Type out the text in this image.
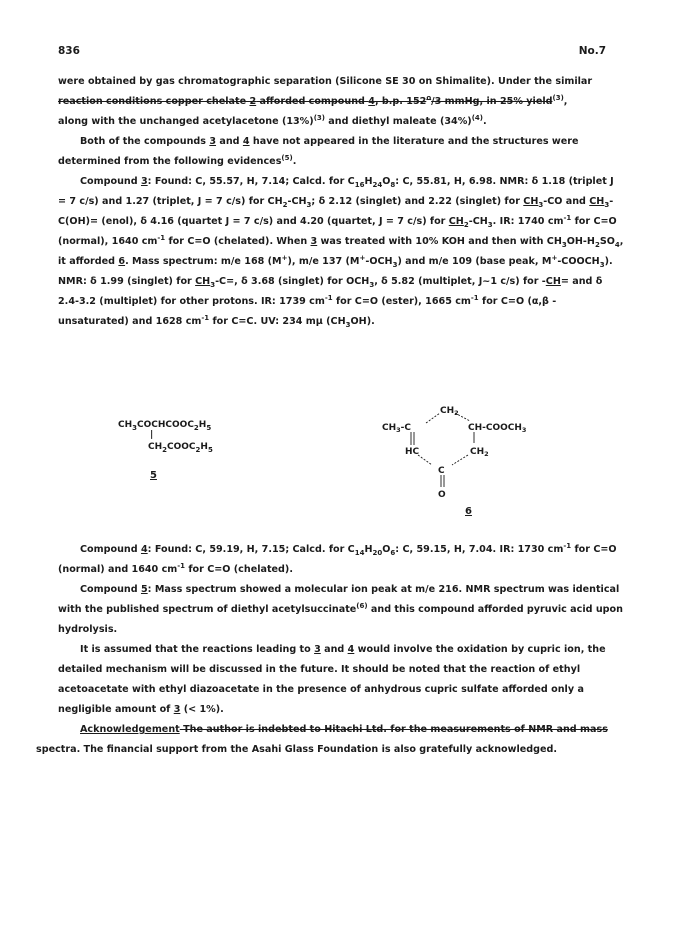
836	No.7

were obtained by gas chromatographic separation (Silicone SE 30 on Shimalite). Under the similar
reaction conditions copper chelate 2 afforded compound 4, b.p. 152$^o$/3 mmHg, in 25% yield$^{(3)}$,
along with the unchanged acetylacetone $(13\%)^{(3)}$ and diethyl maleate $(34\%)^{(4)}$.

Both of the compounds 3 and 4 have not appeared in the literature and the structures were determined from the following evidences$^{(5)}$.

Compound 3: Found: C, 55.57, H, 7.14; Calcd. for $C_{16}H_{24}O_8$: C, 55.81, H, 6.98. NMR: δ 1.18 (triplet J = 7 c/s) and 1.27 (triplet, J = 7 c/s) for $CH_2-CH_3$; δ 2.12 (singlet) and 2.22 (singlet) for $CH_3-CO$ and $CH_3-C(OH)=$ (enol), δ 4.16 (quartet J = 7 c/s) and 4.20 (quartet, J = 7 c/s) for $CH_2-CH_3$. IR: 1740 $cm^{-1}$ for C=O (normal), 1640 $cm^{-1}$ for C=O (chelated). When 3 was treated with 10% KOH and then with $CH_3OH-H_2SO_4$, it afforded 6. Mass spectrum: m/e 168 (M+), m/e 137 $(M^+-OCH_3)$ and m/e 109 (base peak, $M^+-COOCH_3$). NMR: δ 1.99 (singlet) for $CH_3-C=$, δ 3.68 (singlet) for $OCH_3$, δ 5.82 (multiplet, J~1 c/s) for -CH= and δ 2.4-3.2 (multiplet) for other protons. IR: 1739 $cm^{-1}$ for C=O (ester), 1665 $cm^{-1}$ for C=O (α,β -unsaturated) and 1628 $cm^{-1}$ for C=C. UV: 234 mμ $(CH_3OH)$.

$CH_3COCHCOOC_2H_5$
|
$CH_2COOC_2H_5$
5
$CH_2$
$CH_3-C$	$CH-COOCH_3$
HC	$CH_2$
C
O
6

Compound 4: Found: C, 59.19, H, 7.15; Calcd. for $C_{14}H_{20}O_6$: C, 59.15, H, 7.04. IR: 1730 $cm^{-1}$ for C=O (normal) and 1640 $cm^{-1}$ for C=O (chelated).

Compound 5: Mass spectrum showed a molecular ion peak at m/e 216. NMR spectrum was identical with the published spectrum of diethyl acetylsuccinate$^{(6)}$ and this compound afforded pyruvic acid upon hydrolysis.

It is assumed that the reactions leading to 3 and 4 would involve the oxidation by cupric ion, the detailed mechanism will be discussed in the future. It should be noted that the reaction of ethyl acetoacetate with ethyl diazoacetate in the presence of anhydrous cupric sulfate afforded only a negligible amount of 3 (< 1%).

Acknowledgement The author is indebted to Hitachi Ltd. for the measurements of NMR and mass
spectra. The financial support from the Asahi Glass Foundation is also gratefully acknowledged.
